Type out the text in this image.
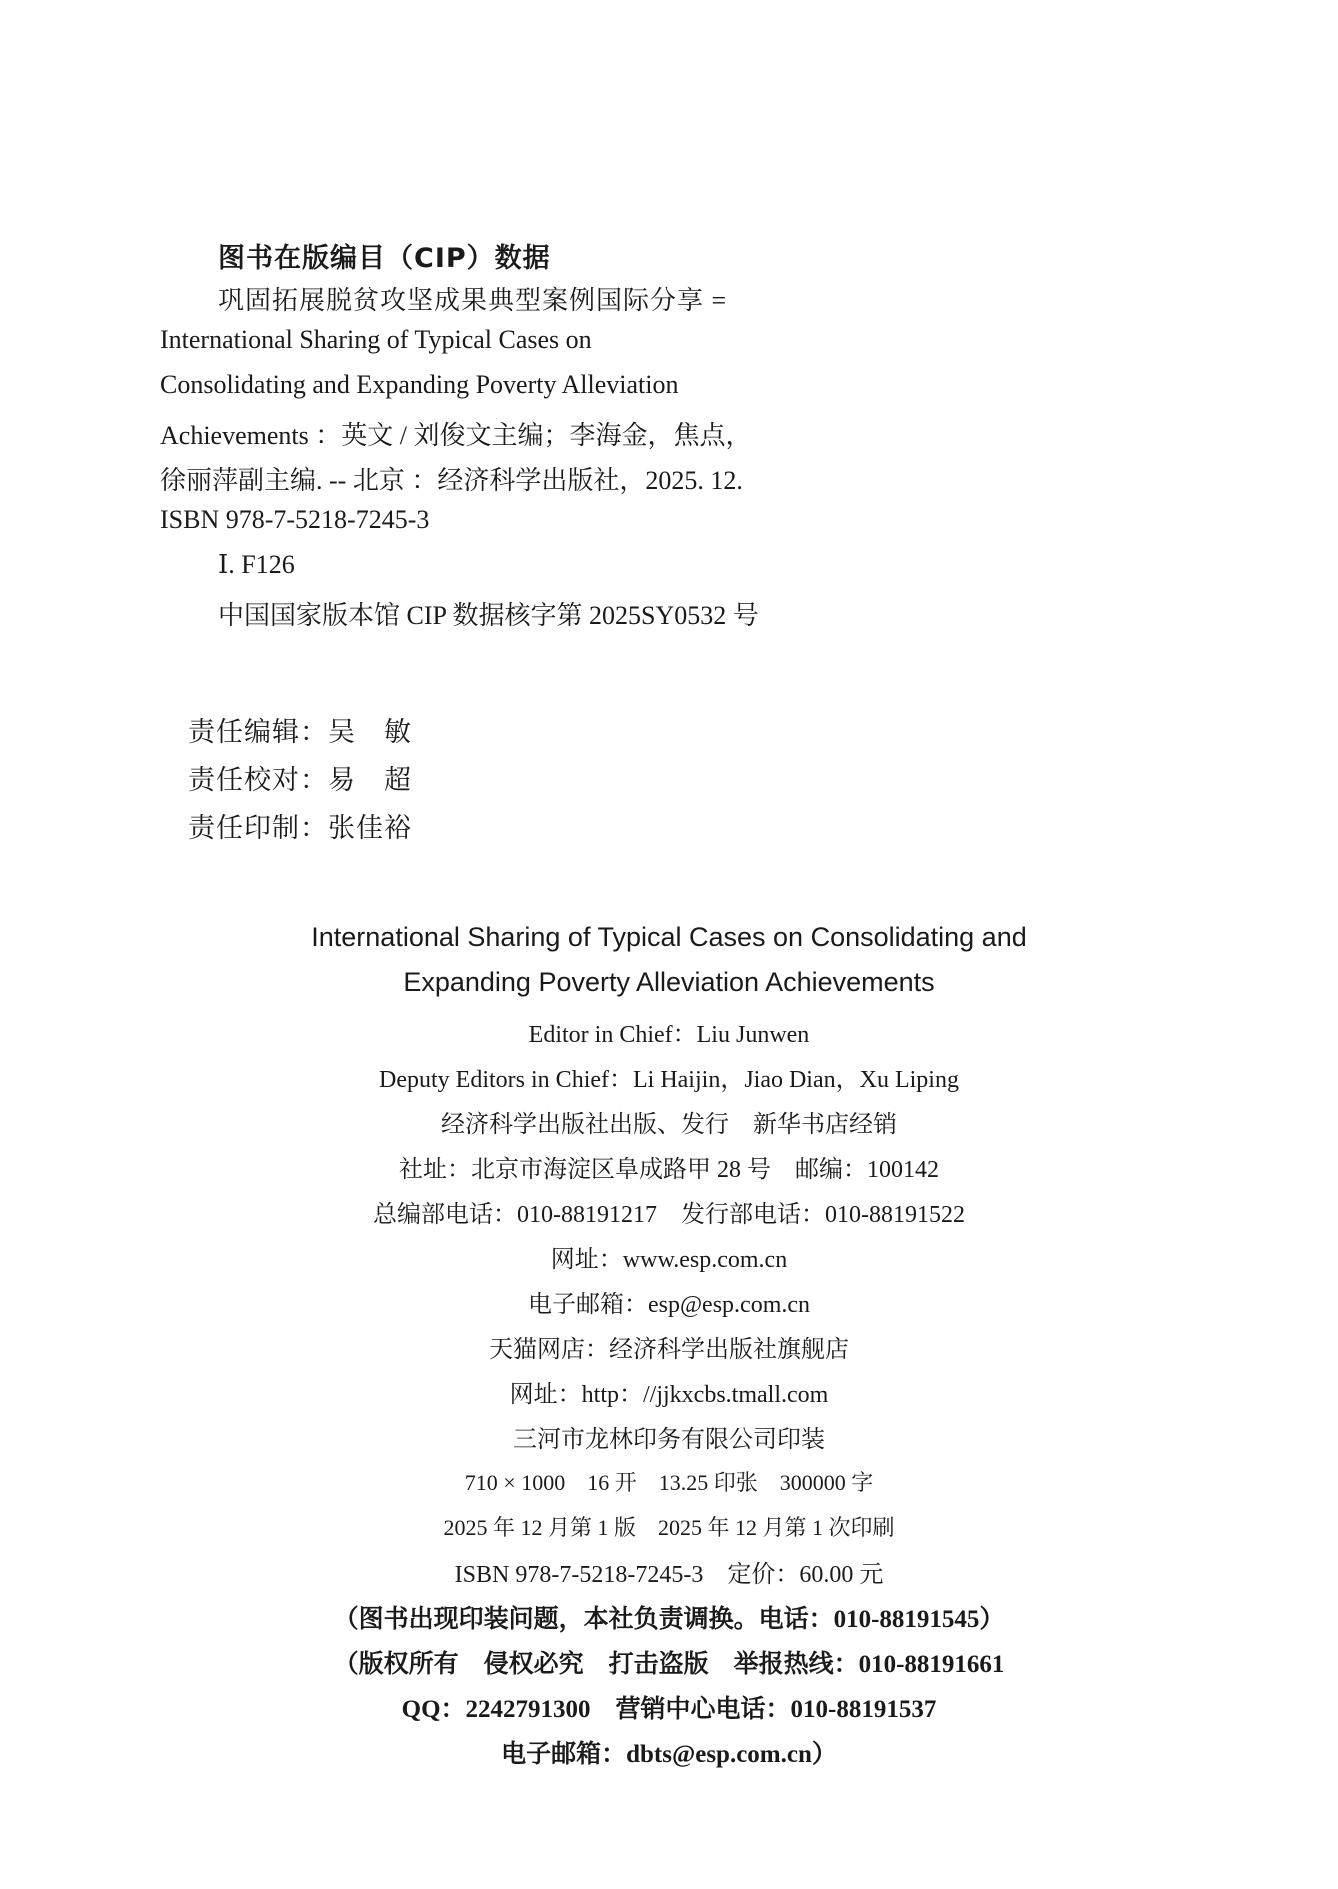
图书在版编目（CIP）数据
巩固拓展脱贫攻坚成果典型案例国际分享 =
International Sharing of Typical Cases on
Consolidating and Expanding Poverty Alleviation
Achievements ：英文 / 刘俊文主编；李海金，焦点，
徐丽萍副主编. -- 北京 ：经济科学出版社，2025. 12.
ISBN 978-7-5218-7245-3
Ⅰ. F126
中国国家版本馆 CIP 数据核字第 2025SY0532 号
责任编辑：吴　敏
责任校对：易　超
责任印制：张佳裕
International Sharing of Typical Cases on Consolidating and
Expanding Poverty Alleviation Achievements
Editor in Chief：Liu Junwen
Deputy Editors in Chief：Li Haijin，Jiao Dian，Xu Liping
经济科学出版社出版、发行　新华书店经销
社址：北京市海淀区阜成路甲 28 号　邮编：100142
总编部电话：010-88191217　发行部电话：010-88191522
网址：www.esp.com.cn
电子邮箱：esp@esp.com.cn
天猫网店：经济科学出版社旗舰店
网址：http：//jjkxcbs.tmall.com
三河市龙林印务有限公司印装
710 × 1000　16 开　13.25 印张　300000 字
2025 年 12 月第 1 版　2025 年 12 月第 1 次印刷
ISBN 978-7-5218-7245-3　定价：60.00 元
（图书出现印装问题，本社负责调换。电话：010-88191545）
（版权所有　侵权必究　打击盗版　举报热线：010-88191661
QQ：2242791300　营销中心电话：010-88191537
电子邮箱：dbts@esp.com.cn）
